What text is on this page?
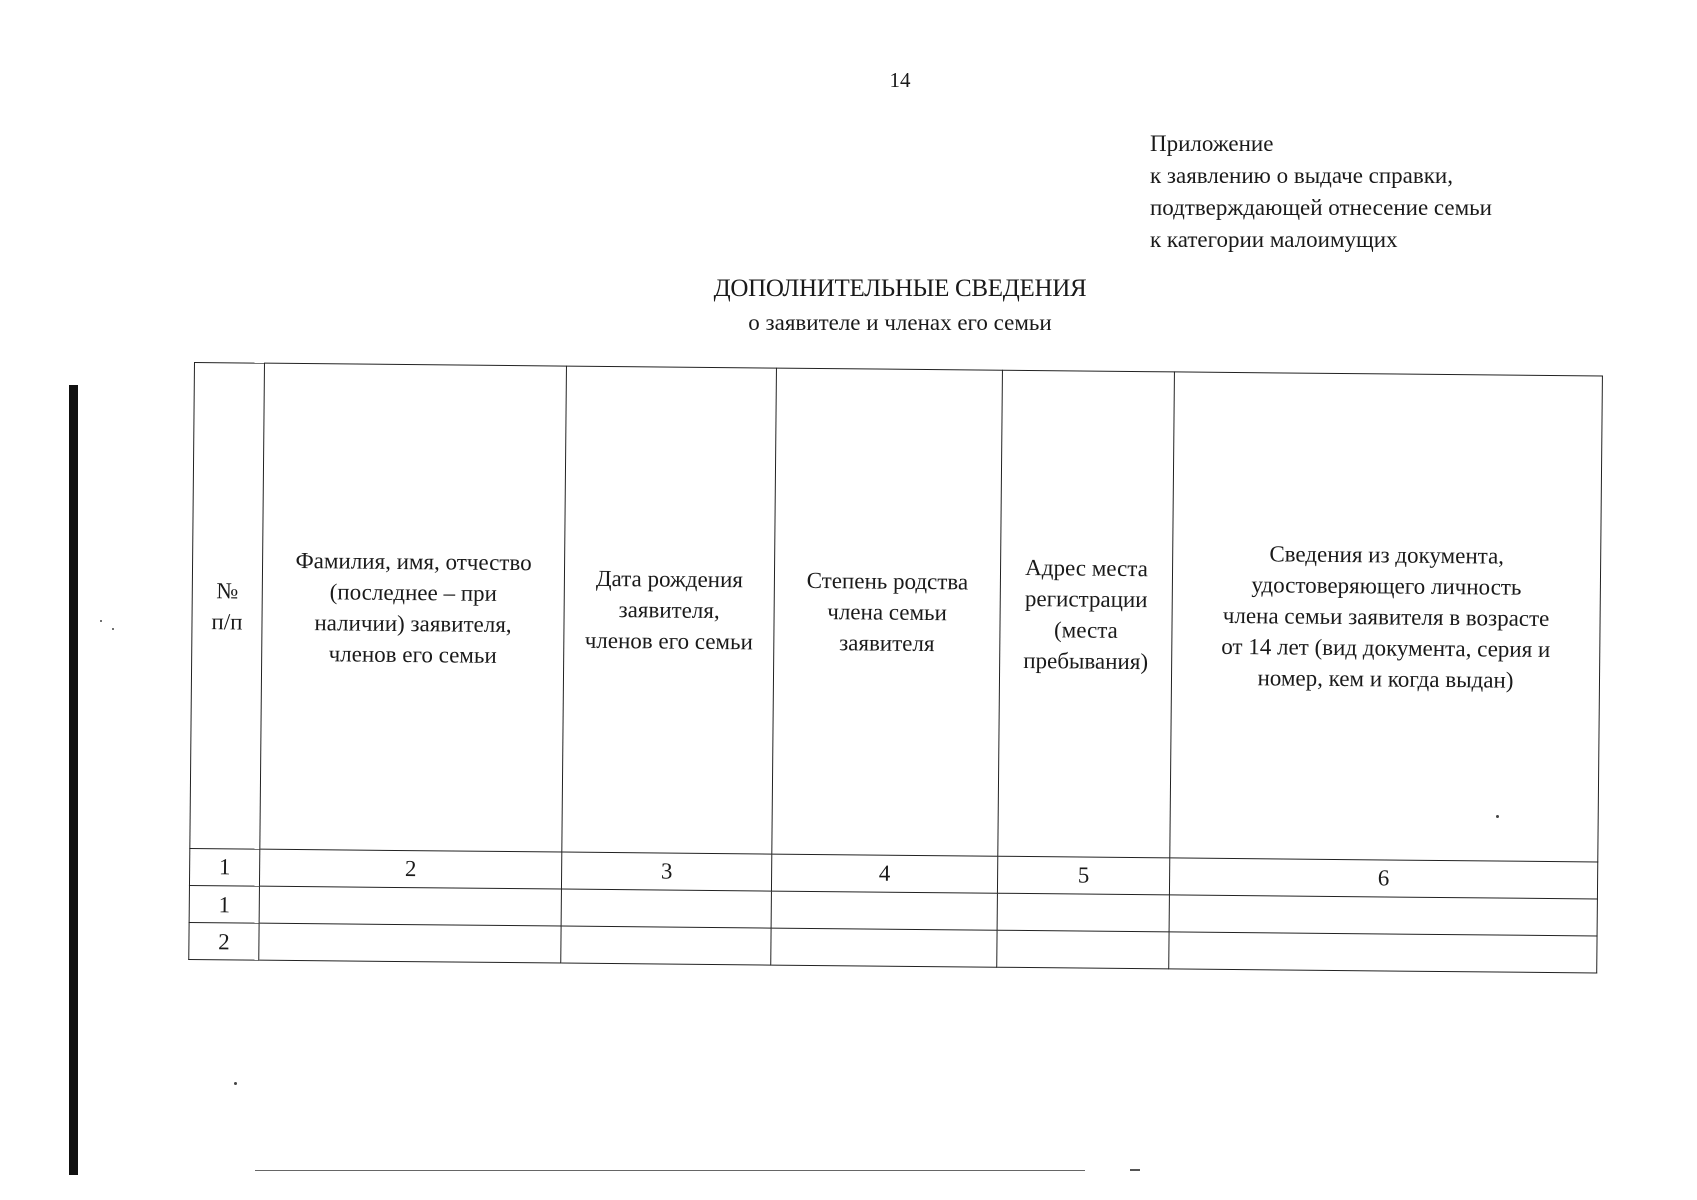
14
Приложение
к заявлению о выдаче справки,
подтверждающей отнесение семьи
к категории малоимущих
ДОПОЛНИТЕЛЬНЫЕ СВЕДЕНИЯ
о заявителе и членах его семьи
№
п/п	Фамилия, имя, отчество
(последнее – при
наличии) заявителя,
членов его семьи	Дата рождения
заявителя,
членов его семьи	Степень родства
члена семьи
заявителя	Адрес места
регистрации
(места
пребывания)	Сведения из документа,
удостоверяющего личность
члена семьи заявителя в возрасте
от 14 лет (вид документа, серия и
номер, кем и когда выдан)
1	2	3	4	5	6
1					
2					
